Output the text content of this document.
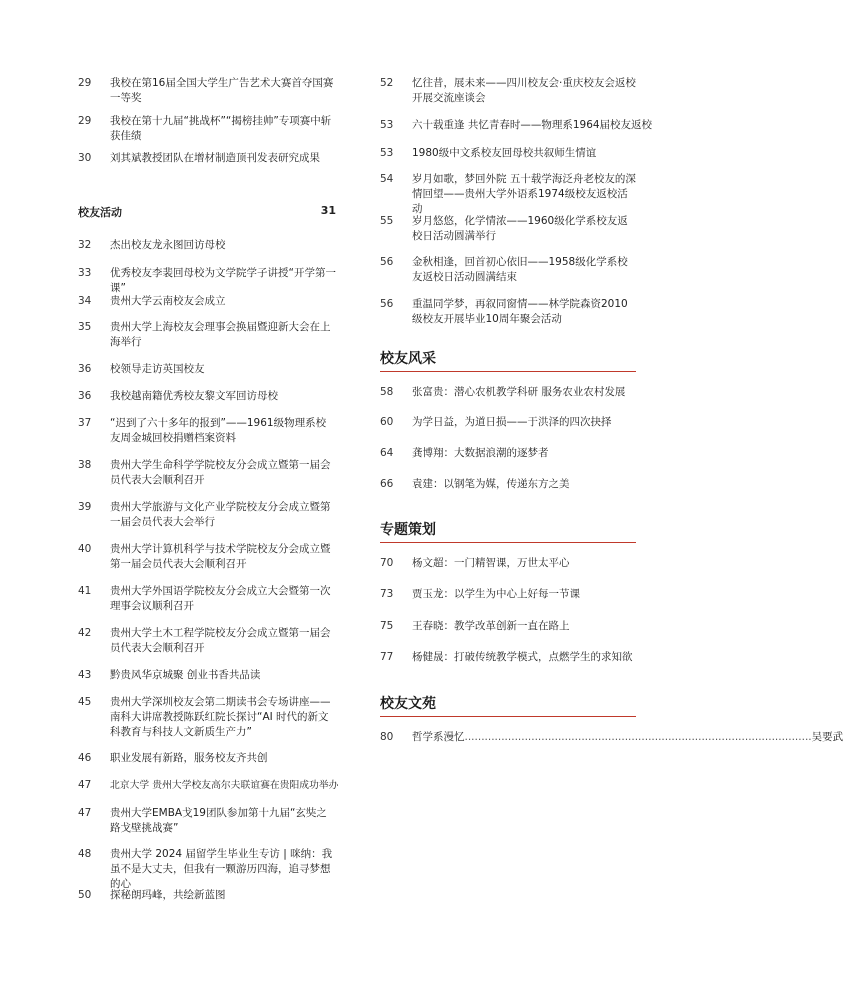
29	我校在第16届全国大学生广告艺术大赛首夺国赛一等奖
29	我校在第十九届“挑战杯”“揭榜挂帅”专项赛中斩获佳绩
30	刘其斌教授团队在增材制造顶刊发表研究成果
校友活动	31
32	杰出校友龙永图回访母校
33	优秀校友李裴回母校为文学院学子讲授“开学第一课”
34	贵州大学云南校友会成立
35	贵州大学上海校友会理事会换届暨迎新大会在上海举行
36	校领导走访英国校友
36	我校越南籍优秀校友黎文军回访母校
37	“迟到了六十多年的报到”——1961级物理系校友周金城回校捐赠档案资料
38	贵州大学生命科学学院校友分会成立暨第一届会员代表大会顺利召开
39	贵州大学旅游与文化产业学院校友分会成立暨第一届会员代表大会举行
40	贵州大学计算机科学与技术学院校友分会成立暨第一届会员代表大会顺利召开
41	贵州大学外国语学院校友分会成立大会暨第一次理事会议顺利召开
42	贵州大学土木工程学院校友分会成立暨第一届会员代表大会顺利召开
43	黔贵风华京城聚 创业书香共品读
45	贵州大学深圳校友会第二期读书会专场讲座——南科大讲席教授陈跃红院长探讨“AI 时代的新文科教育与科技人文新质生产力”
46	职业发展有新路，服务校友齐共创
47	北京大学 贵州大学校友高尔夫联谊赛在贵阳成功举办
47	贵州大学EMBA戈19团队参加第十九届“玄奘之路戈壁挑战赛”
48	贵州大学 2024 届留学生毕业生专访 | 咪纳：我虽不是大丈夫，但我有一颗游历四海，追寻梦想的心
50	探秘朗玛峰，共绘新蓝图
52	忆往昔，展未来——四川校友会·重庆校友会返校开展交流座谈会
53	六十载重逢 共忆青春时——物理系1964届校友返校
53	1980级中文系校友回母校共叙师生情谊
54	岁月如歌，梦回外院 五十载学海泛舟老校友的深情回望——贵州大学外语系1974级校友返校活动
55	岁月悠悠，化学情浓——1960级化学系校友返校日活动圆满举行
56	金秋相逢，回首初心依旧——1958级化学系校友返校日活动圆满结束
56	重温同学梦，再叙同窗情——林学院森资2010级校友开展毕业10周年聚会活动
校友风采
58	张富贵：潜心农机教学科研 服务农业农村发展
60	为学日益，为道日损——于洪泽的四次抉择
64	龚博翔：大数据浪潮的逐梦者
66	袁建：以钢笔为媒，传递东方之美
专题策划
70	杨文超：一门精智课，万世太平心
73	贾玉龙：以学生为中心上好每一节课
75	王春晓：教学改革创新一直在路上
77	杨健晟：打破传统教学模式，点燃学生的求知欲
校友文苑
80	哲学系漫忆 ........................................................................................................ 吴要武
